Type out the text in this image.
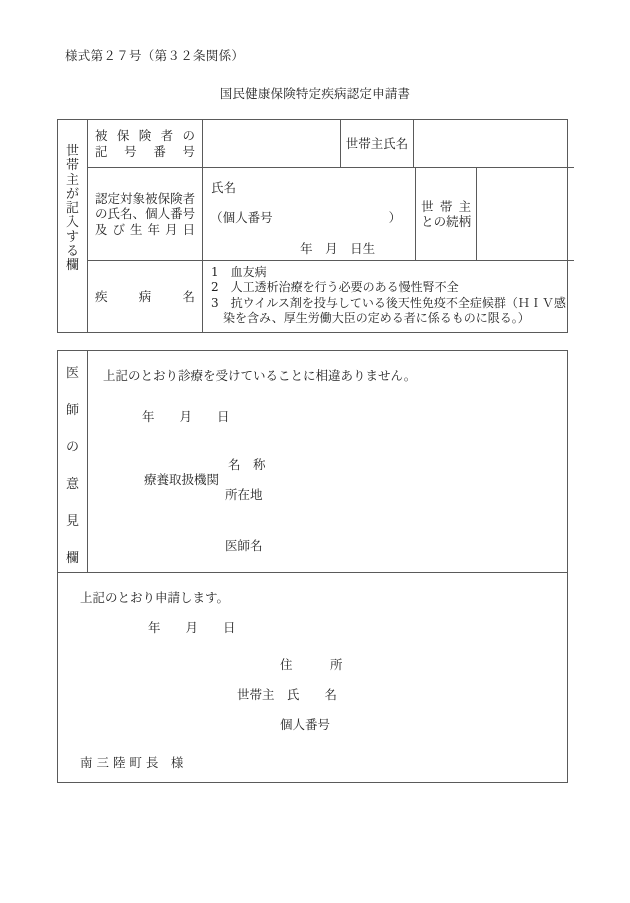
様式第２７号（第３２条関係）
国民健康保険特定疾病認定申請書
世
帯
主
が
記
入
す
る
欄
被 保 険 者 の
記 号 番 号
世帯主氏名
認 定 対 象 被 保 険 者
の 氏 名 、 個 人 番 号
及 び 生 年 月 日
氏名
（個人番号	）
年　月　日生
世 帯 主
と の 続 柄
疾 病 名

1　血友病

2　人工透析治療を行う必要のある慢性腎不全

3　抗ウイルス剤を投与している後天性免疫不全症候群（ＨＩＶ感

染を含み、厚生労働大臣の定める者に係るものに限る。）

医
師
の
意
見
欄
上記のとおり診療を受けていることに相違ありません。
年　　月　　日
名　称
療養取扱機関
所在地
医師名
上記のとおり申請します。
年　　月　　日
住　　　所
世帯主　氏　　名
個人番号
南 三 陸 町 長　様
